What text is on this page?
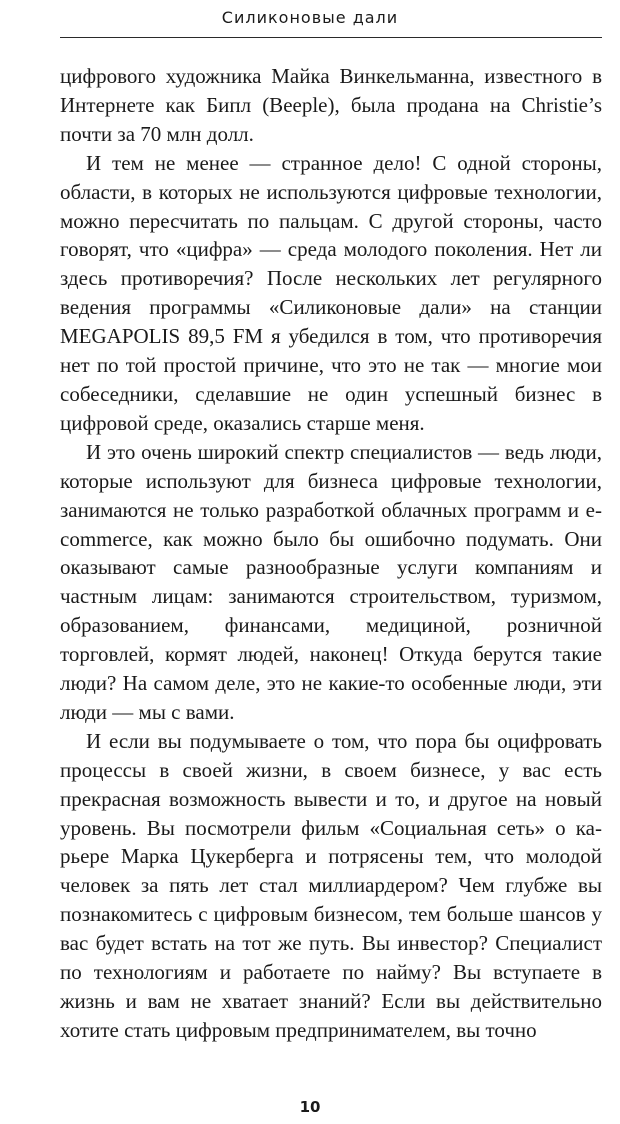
Силиконовые дали

цифрового художника Майка Винкельманна, известного в Интернете как Бипл (Beeple), была продана на Christie’s почти за 70 млн долл.

И тем не менее — странное дело! С одной стороны, области, в которых не используются цифровые технологии, можно пересчитать по пальцам. С другой стороны, часто говорят, что «цифра» — среда молодого поколения. Нет ли здесь противоречия? После нескольких лет регулярного ведения программы «Силиконовые дали» на станции MEGAPOLIS 89,5 FM я убедился в том, что противоречия нет по той простой причине, что это не так — многие мои собеседники, сделавшие не один успешный бизнес в цифровой среде, оказались старше меня.

И это очень широкий спектр специалистов — ведь люди, которые используют для бизнеса цифровые технологии, занимаются не только разработкой облачных программ и e-commerce, как можно было бы ошибочно подумать. Они оказывают самые разнообразные услуги компаниям и частным лицам: занимаются строительством, туризмом, образованием, финансами, медициной, розничной торговлей, кормят людей, наконец! Откуда берутся такие люди? На самом деле, это не какие-то особенные люди, эти люди — мы с вами.

И если вы подумываете о том, что пора бы оцифровать процессы в своей жизни, в своем бизнесе, у вас есть прекрасная возможность вывести и то, и другое на новый уровень. Вы посмотрели фильм «Социальная сеть» о карьере Марка Цукерберга и потрясены тем, что молодой человек за пять лет стал миллиардером? Чем глубже вы познакомитесь с цифровым бизнесом, тем больше шансов у вас будет встать на тот же путь. Вы инвестор? Специалист по технологиям и работаете по найму? Вы вступаете в жизнь и вам не хватает знаний? Если вы действительно хотите стать цифровым предпринимателем, вы точно

10
